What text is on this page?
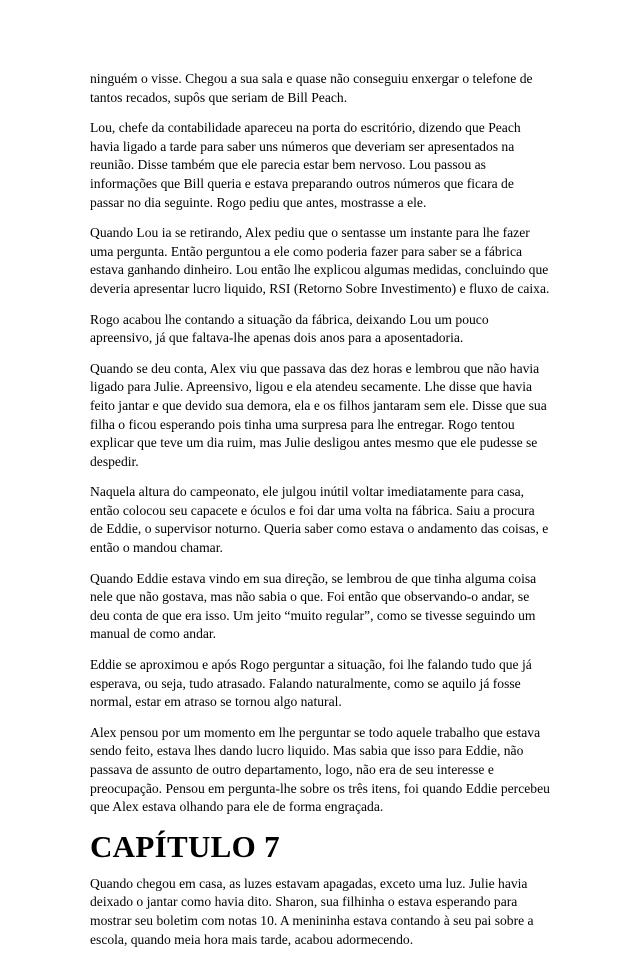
ninguém o visse. Chegou a sua sala e quase não conseguiu enxergar o telefone de tantos recados, supôs que seriam de Bill Peach.

Lou, chefe da contabilidade apareceu na porta do escritório, dizendo que Peach havia ligado a tarde para saber uns números que deveriam ser apresentados na reunião. Disse também que ele parecia estar bem nervoso. Lou passou as informações que Bill queria e estava preparando outros números que ficara de passar no dia seguinte. Rogo pediu que antes, mostrasse a ele.

Quando Lou ia se retirando, Alex pediu que o sentasse um instante para lhe fazer uma pergunta. Então perguntou a ele como poderia fazer para saber se a fábrica estava ganhando dinheiro. Lou então lhe explicou algumas medidas, concluindo que deveria apresentar lucro liquido, RSI (Retorno Sobre Investimento) e fluxo de caixa.

Rogo acabou lhe contando a situação da fábrica, deixando Lou um pouco apreensivo, já que faltava-lhe apenas dois anos para a aposentadoria.

Quando se deu conta, Alex viu que passava das dez horas e lembrou que não havia ligado para Julie. Apreensivo, ligou e ela atendeu secamente. Lhe disse que havia feito jantar e que devido sua demora, ela e os filhos jantaram sem ele. Disse que sua filha o ficou esperando pois tinha uma surpresa para lhe entregar. Rogo tentou explicar que teve um dia ruim, mas Julie desligou antes mesmo que ele pudesse se despedir.

Naquela altura do campeonato, ele julgou inútil voltar imediatamente para casa, então colocou seu capacete e óculos e foi dar uma volta na fábrica. Saiu a procura de Eddie, o supervisor noturno. Queria saber como estava o andamento das coisas, e então o mandou chamar.

Quando Eddie estava vindo em sua direção, se lembrou de que tinha alguma coisa nele que não gostava, mas não sabia o que. Foi então que observando-o andar, se deu conta de que era isso. Um jeito “muito regular”, como se tivesse seguindo um manual de como andar.

Eddie se aproximou e após Rogo perguntar a situação, foi lhe falando tudo que já esperava, ou seja, tudo atrasado. Falando naturalmente, como se aquilo já fosse normal, estar em atraso se tornou algo natural.

Alex pensou por um momento em lhe perguntar se todo aquele trabalho que estava sendo feito, estava lhes dando lucro liquido. Mas sabia que isso para Eddie, não passava de assunto de outro departamento, logo, não era de seu interesse e preocupação. Pensou em pergunta-lhe sobre os três itens, foi quando Eddie percebeu que Alex estava olhando para ele de forma engraçada.

CAPÍTULO 7

Quando chegou em casa, as luzes estavam apagadas, exceto uma luz. Julie havia deixado o jantar como havia dito. Sharon, sua filhinha o estava esperando para mostrar seu boletim com notas 10. A menininha estava contando à seu pai sobre a escola, quando meia hora mais tarde, acabou adormecendo.
